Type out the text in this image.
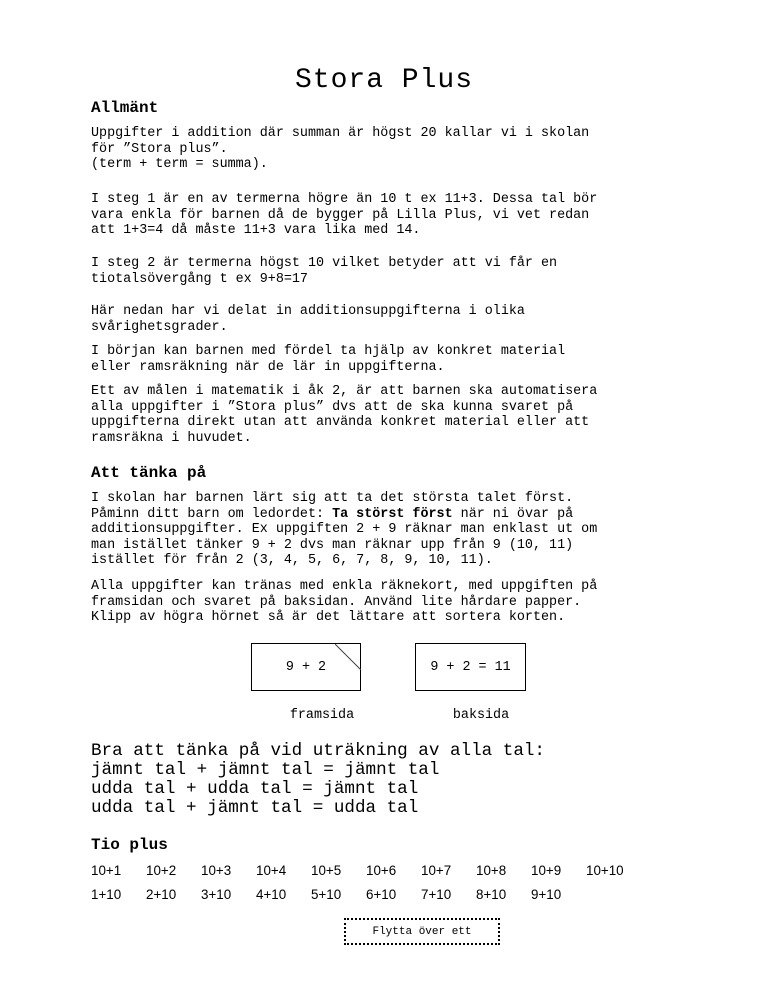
Stora Plus
Allmänt
Uppgifter i addition där summan är högst 20 kallar vi i skolan
för ”Stora plus”.
(term + term = summa).
I steg 1 är en av termerna högre än 10 t ex 11+3. Dessa tal bör
vara enkla för barnen då de bygger på Lilla Plus, vi vet redan
att 1+3=4 då måste 11+3 vara lika med 14.
I steg 2 är termerna högst 10 vilket betyder att vi får en
tiotalsövergång t ex 9+8=17
Här nedan har vi delat in additionsuppgifterna i olika
svårighetsgrader.
I början kan barnen med fördel ta hjälp av konkret material
eller ramsräkning när de lär in uppgifterna.
Ett av målen i matematik i åk 2, är att barnen ska automatisera
alla uppgifter i ”Stora plus” dvs att de ska kunna svaret på
uppgifterna direkt utan att använda konkret material eller att
ramsräkna i huvudet.
Att tänka på
I skolan har barnen lärt sig att ta det största talet först.
Påminn ditt barn om ledordet: Ta störst först när ni övar på
additionsuppgifter. Ex uppgiften 2 + 9 räknar man enklast ut om
man istället tänker 9 + 2 dvs man räknar upp från 9 (10, 11)
istället för från 2 (3, 4, 5, 6, 7, 8, 9, 10, 11).
Alla uppgifter kan tränas med enkla räknekort, med uppgiften på
framsidan och svaret på baksidan. Använd lite hårdare papper.
Klipp av högra hörnet så är det lättare att sortera korten.
9 + 2	9 + 2 = 11
framsida	baksida
Bra att tänka på vid uträkning av alla tal:
jämnt tal + jämnt tal = jämnt tal
udda tal + udda tal = jämnt tal
udda tal + jämnt tal = udda tal
Tio plus
10+1 10+2 10+3 10+4 10+5 10+6 10+7 10+8 10+9 10+10
1+10 2+10 3+10 4+10 5+10 6+10 7+10 8+10 9+10
Flytta över ett
